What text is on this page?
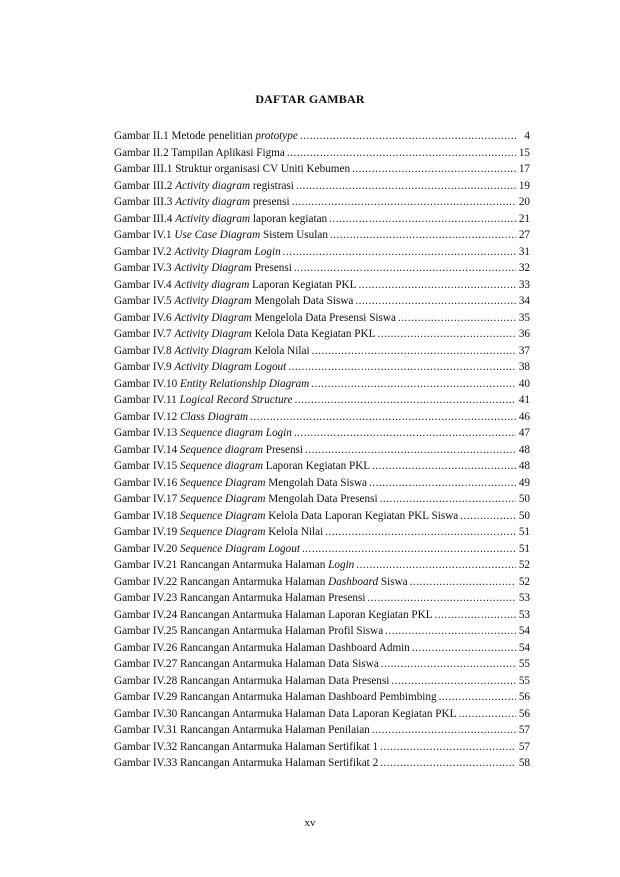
DAFTAR GAMBAR
Gambar II.1 Metode penelitian prototype .....	4
Gambar II.2 Tampilan Aplikasi Figma .....	15
Gambar III.1 Struktur organisasi CV Uniti Kebumen .....	17
Gambar III.2 Activity diagram registrasi .....	19
Gambar III.3 Activity diagram presensi .....	20
Gambar III.4 Activity diagram laporan kegiatan .....	21
Gambar IV.1 Use Case Diagram Sistem Usulan .....	27
Gambar IV.2 Activity Diagram Login .....	31
Gambar IV.3 Activity Diagram Presensi .....	32
Gambar IV.4 Activity diagram Laporan Kegiatan PKL .....	33
Gambar IV.5 Activity Diagram Mengolah Data Siswa .....	34
Gambar IV.6 Activity Diagram Mengelola Data Presensi Siswa .....	35
Gambar IV.7 Activity Diagram Kelola Data Kegiatan PKL .....	36
Gambar IV.8 Activity Diagram Kelola Nilai .....	37
Gambar IV.9 Activity Diagram Logout .....	38
Gambar IV.10 Entity Relationship Diagram .....	40
Gambar IV.11 Logical Record Structure .....	41
Gambar IV.12 Class Diagram .....	46
Gambar IV.13 Sequence diagram Login .....	47
Gambar IV.14 Sequence diagram Presensi .....	48
Gambar IV.15 Sequence diagram Laporan Kegiatan PKL .....	48
Gambar IV.16 Sequence Diagram Mengolah Data Siswa .....	49
Gambar IV.17 Sequence Diagram Mengolah Data Presensi .....	50
Gambar IV.18 Sequence Diagram Kelola Data Laporan Kegiatan PKL Siswa .....	50
Gambar IV.19 Sequence Diagram Kelola Nilai .....	51
Gambar IV.20 Sequence Diagram Logout .....	51
Gambar IV.21 Rancangan Antarmuka Halaman Login .....	52
Gambar IV.22 Rancangan Antarmuka Halaman Dashboard Siswa .....	52
Gambar IV.23 Rancangan Antarmuka Halaman Presensi .....	53
Gambar IV.24 Rancangan Antarmuka Halaman Laporan Kegiatan PKL .....	53
Gambar IV.25 Rancangan Antarmuka Halaman Profil Siswa .....	54
Gambar IV.26 Rancangan Antarmuka Halaman Dashboard Admin .....	54
Gambar IV.27 Rancangan Antarmuka Halaman Data Siswa .....	55
Gambar IV.28 Rancangan Antarmuka Halaman Data Presensi .....	55
Gambar IV.29 Rancangan Antarmuka Halaman Dashboard Pembimbing .....	56
Gambar IV.30 Rancangan Antarmuka Halaman Data Laporan Kegiatan PKL .....	56
Gambar IV.31 Rancangan Antarmuka Halaman Penilaian .....	57
Gambar IV.32 Rancangan Antarmuka Halaman Sertifikat 1 .....	57
Gambar IV.33 Rancangan Antarmuka Halaman Sertifikat 2 .....	58
xv
